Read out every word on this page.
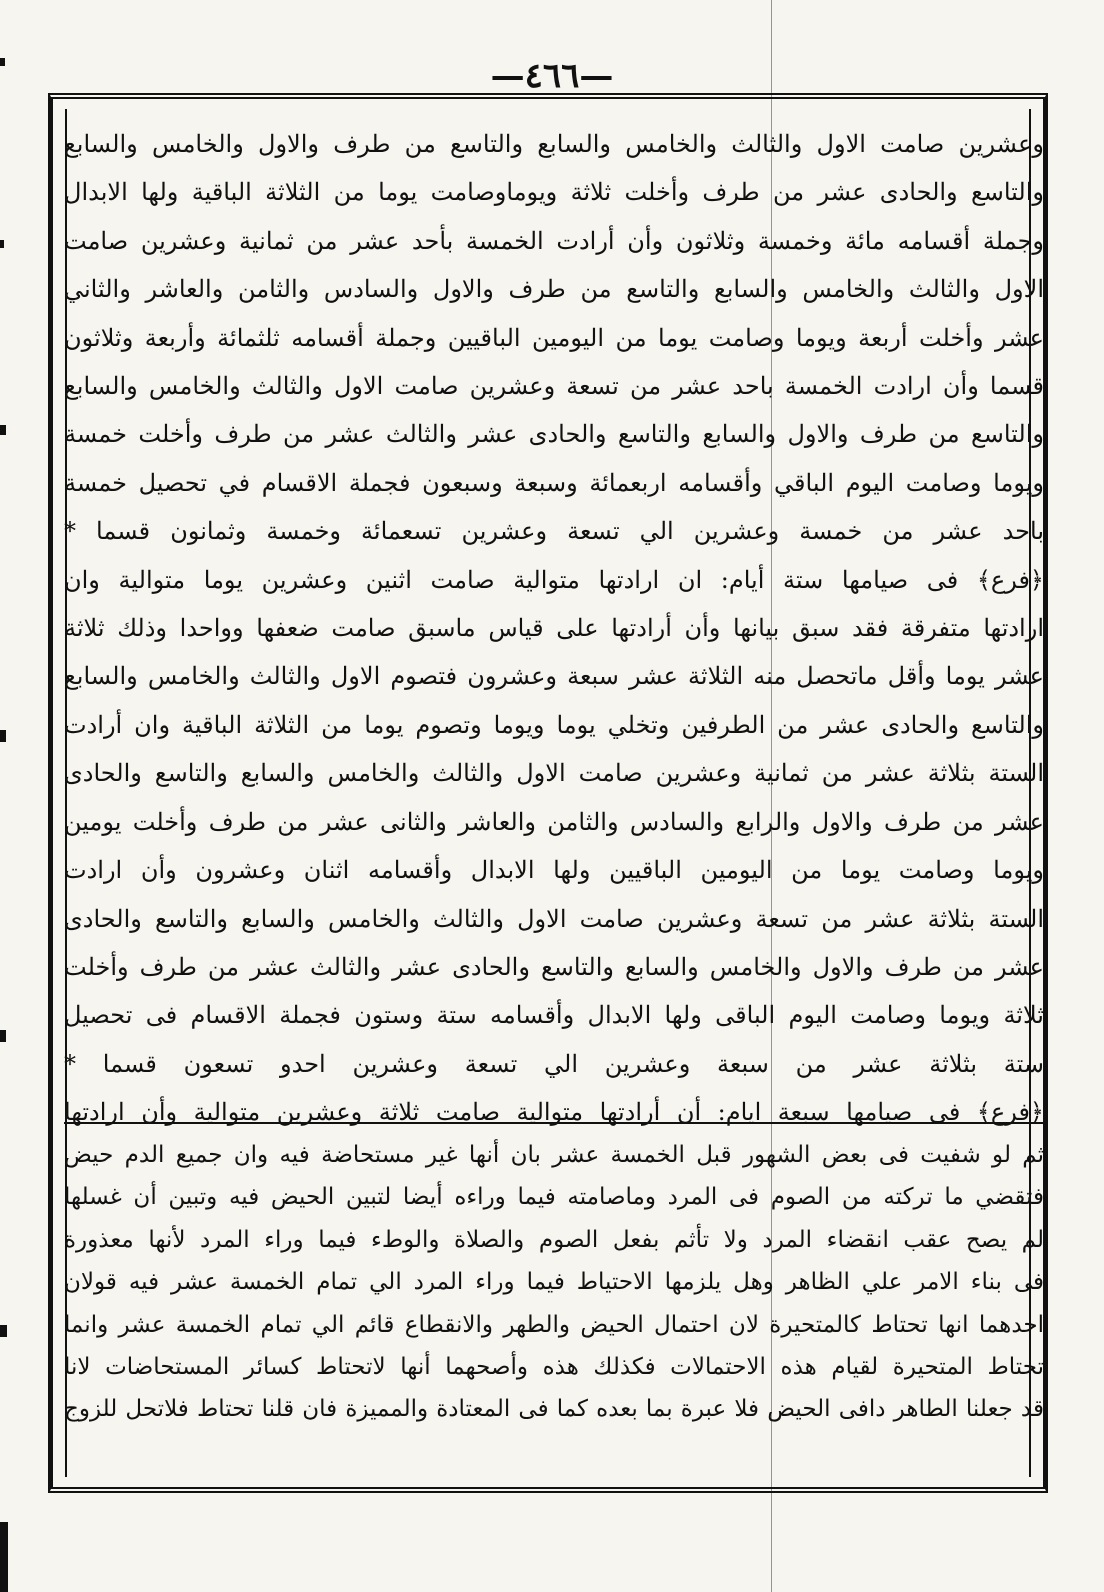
—٤٦٦—
وعشرين صامت الاول والثالث والخامس والسابع والتاسع من طرف والاول والخامس والسابع
والتاسع والحادى عشر من طرف وأخلت ثلاثة ويوماوصامت يوما من الثلاثة الباقية ولها الابدال
وجملة أقسامه مائة وخمسة وثلاثون وأن أرادت الخمسة بأحد عشر من ثمانية وعشرين صامت
الاول والثالث والخامس والسابع والتاسع من طرف والاول والسادس والثامن والعاشر والثاني
عشر وأخلت أربعة ويوما وصامت يوما من اليومين الباقيين وجملة أقسامه ثلثمائة وأربعة وثلاثون
قسما وأن ارادت الخمسة باحد عشر من تسعة وعشرين صامت الاول والثالث والخامس والسابع
والتاسع من طرف والاول والسابع والتاسع والحادى عشر والثالث عشر من طرف وأخلت خمسة
ويوما وصامت اليوم الباقي وأقسامه اربعمائة وسبعة وسبعون فجملة الاقسام في تحصيل خمسة
باحد عشر من خمسة وعشرين الي تسعة وعشرين تسعمائة وخمسة وثمانون قسما *
﴿فرع﴾ فى صيامها ستة أيام: ان ارادتها متوالية صامت اثنين وعشرين يوما متوالية وان
ارادتها متفرقة فقد سبق بيانها وأن أرادتها على قياس ماسبق صامت ضعفها وواحدا وذلك ثلاثة
عشر يوما وأقل ماتحصل منه الثلاثة عشر سبعة وعشرون فتصوم الاول والثالث والخامس والسابع
والتاسع والحادى عشر من الطرفين وتخلي يوما ويوما وتصوم يوما من الثلاثة الباقية وان أرادت
الستة بثلاثة عشر من ثمانية وعشرين صامت الاول والثالث والخامس والسابع والتاسع والحادى
عشر من طرف والاول والرابع والسادس والثامن والعاشر والثانى عشر من طرف وأخلت يومين
ويوما وصامت يوما من اليومين الباقيين ولها الابدال وأقسامه اثنان وعشرون وأن ارادت
الستة بثلاثة عشر من تسعة وعشرين صامت الاول والثالث والخامس والسابع والتاسع والحادى
عشر من طرف والاول والخامس والسابع والتاسع والحادى عشر والثالث عشر من طرف وأخلت
ثلاثة ويوما وصامت اليوم الباقى ولها الابدال وأقسامه ستة وستون فجملة الاقسام فى تحصيل
ستة بثلاثة عشر من سبعة وعشرين الي تسعة وعشرين احدو تسعون قسما *
﴿فرع﴾ فى صيامها سبعة ايام: أن أرادتها متوالية صامت ثلاثة وعشرين متوالية وأن ارادتها
ثم لو شفيت فى بعض الشهور قبل الخمسة عشر بان أنها غير مستحاضة فيه وان جميع الدم حيض
فتقضي ما تركته من الصوم فى المرد وماصامته فيما وراءه أيضا لتبين الحيض فيه وتبين أن غسلها
لم يصح عقب انقضاء المرد ولا تأثم بفعل الصوم والصلاة والوطء فيما وراء المرد لأنها معذورة
فى بناء الامر علي الظاهر وهل يلزمها الاحتياط فيما وراء المرد الي تمام الخمسة عشر فيه قولان
احدهما انها تحتاط كالمتحيرة لان احتمال الحيض والطهر والانقطاع قائم الي تمام الخمسة عشر وانما
تحتاط المتحيرة لقيام هذه الاحتمالات فكذلك هذه وأصحهما أنها لاتحتاط كسائر المستحاضات لانا
قد جعلنا الطاهر دافى الحيض فلا عبرة بما بعده كما فى المعتادة والمميزة فان قلنا تحتاط فلاتحل للزوج
